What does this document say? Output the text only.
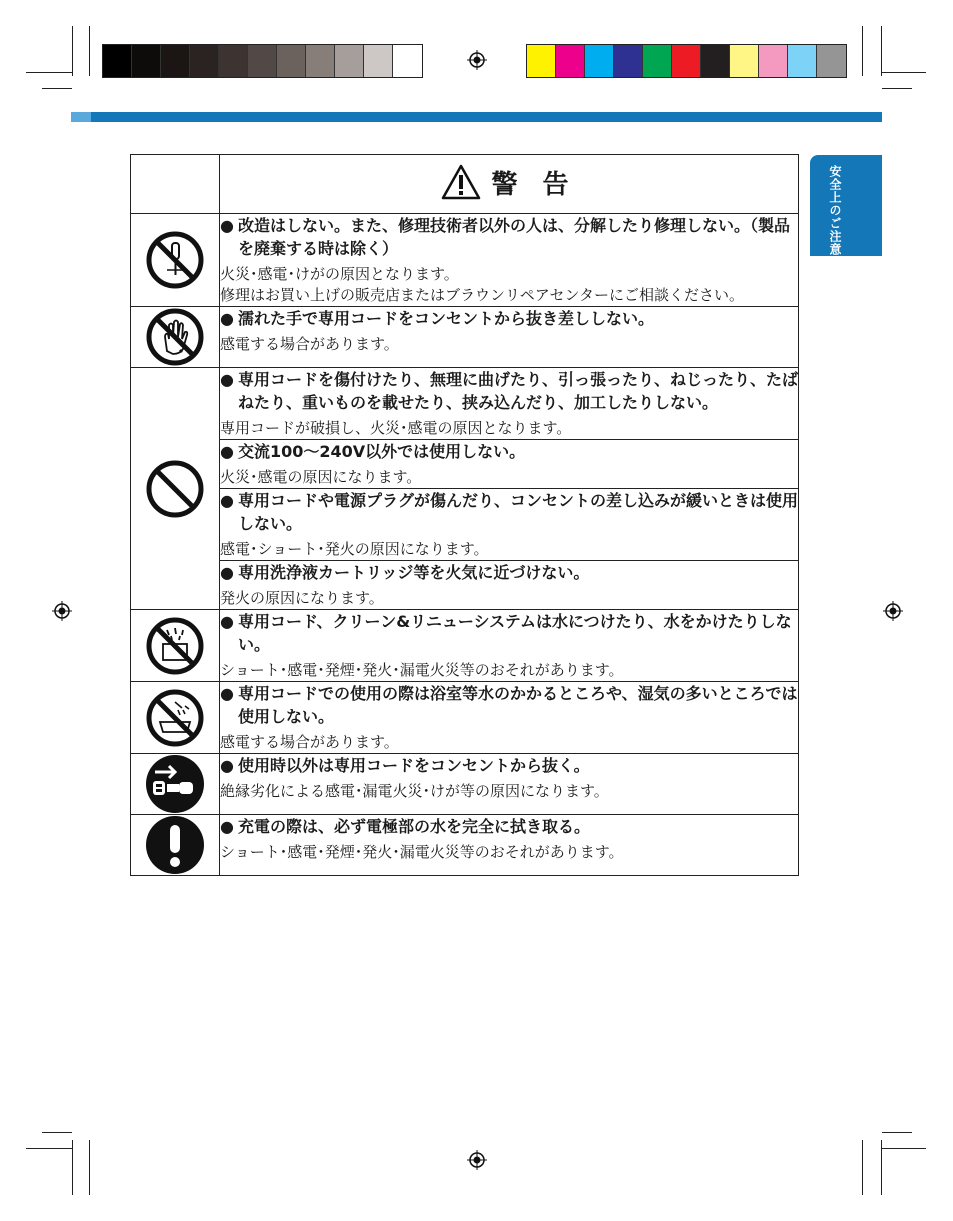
安全上のご注意

	警 告

● 改造はしない。また、修理技術者以外の人は、分解したり修理しない。（製品を廃棄する時は除く）
火災･感電･けがの原因となります。
修理はお買い上げの販売店またはブラウンリペアセンターにご相談ください。

● 濡れた手で専用コードをコンセントから抜き差ししない。
感電する場合があります。

● 専用コードを傷付けたり、無理に曲げたり、引っ張ったり、ねじったり、たばねたり、重いものを載せたり、挟み込んだり、加工したりしない。
専用コードが破損し、火災･感電の原因となります。

	● 交流100～240V以外では使用しない。
火災･感電の原因になります。

	● 専用コードや電源プラグが傷んだり、コンセントの差し込みが緩いときは使用しない。
感電･ショート･発火の原因になります。

	● 専用洗浄液カートリッジ等を火気に近づけない。
発火の原因になります。

● 専用コード、クリーン&リニューシステムは水につけたり、水をかけたりしない。
ショート･感電･発煙･発火･漏電火災等のおそれがあります。

● 専用コードでの使用の際は浴室等水のかかるところや、湿気の多いところでは使用しない。
感電する場合があります。

● 使用時以外は専用コードをコンセントから抜く。
絶縁劣化による感電･漏電火災･けが等の原因になります。

● 充電の際は、必ず電極部の水を完全に拭き取る。
ショート･感電･発煙･発火･漏電火災等のおそれがあります。
